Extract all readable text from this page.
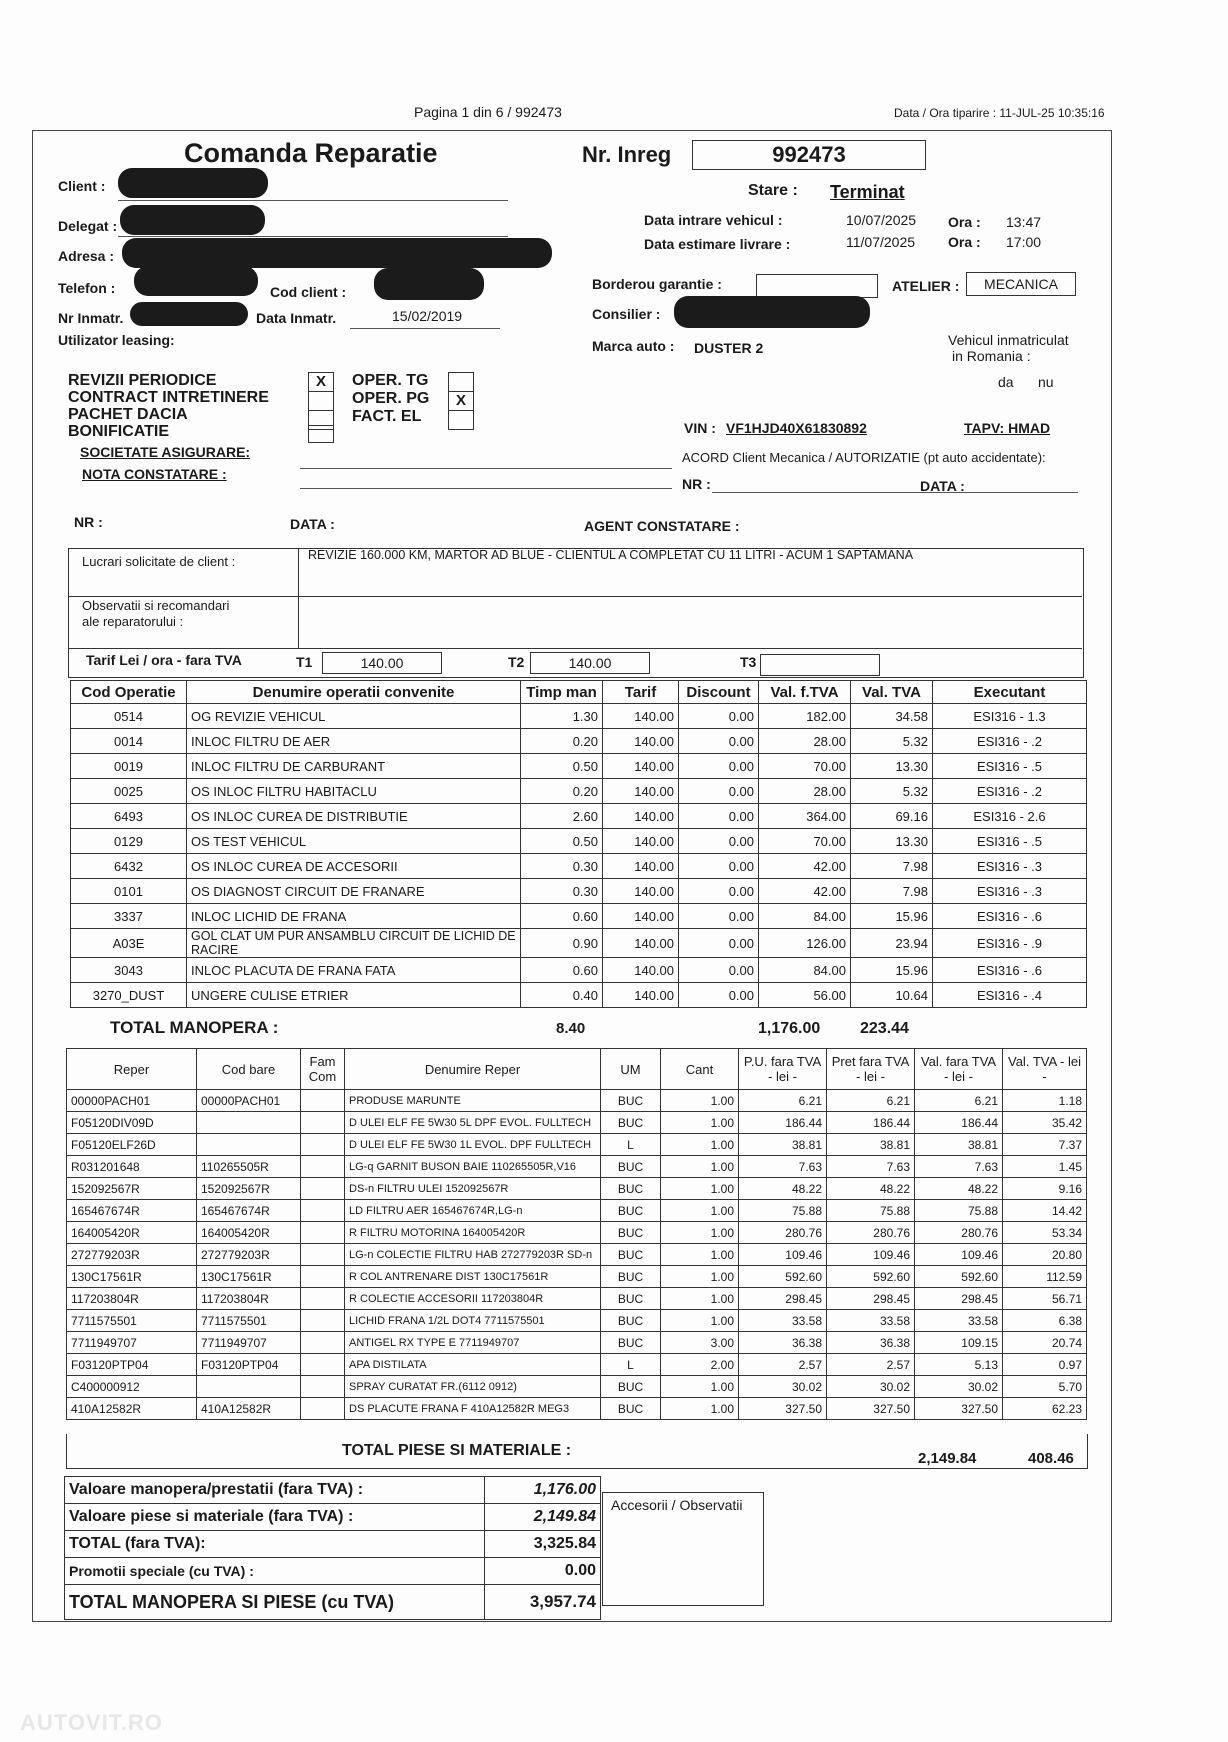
Pagina 1 din 6 / 992473	Data / Ora tiparire : 11-JUL-25 10:35:16
Comanda Reparatie	Nr. Inreg	992473
Client :
Delegat :
Adresa :
Telefon :	Cod client :
Nr Inmatr.	Data Inmatr.	15/02/2019
Utilizator leasing:
Stare : Terminat
Data intrare vehicul :	10/07/2025 Ora : 13:47
Data estimare livrare :	11/07/2025 Ora : 17:00
Borderou garantie :	ATELIER :	MECANICA
Consilier :
Marca auto : DUSTER 2	Vehicul inmatriculat
in Romania :
da nu
REVIZII PERIODICE
CONTRACT INTRETINERE
PACHET DACIA
BONIFICATIE
X	OPER. TG
OPER. PG
FACT. EL
X
VIN : VF1HJD40X61830892	TAPV: HMAD
SOCIETATE ASIGURARE:
NOTA CONSTATARE :
ACORD Client Mecanica / AUTORIZATIE (pt auto accidentate):
NR :	DATA :
NR :	DATA :	AGENT CONSTATARE :
Lucrari solicitate de client :	REVIZIE 160.000 KM, MARTOR AD BLUE - CLIENTUL A COMPLETAT CU 11 LITRI - ACUM 1 SAPTAMANA
Observatii si recomandari
ale reparatorului :
Tarif Lei / ora - fara TVA	T1	140.00	T2	140.00	T3
Cod Operatie	Denumire operatii convenite	Timp man	Tarif	Discount	Val. f.TVA	Val. TVA	Executant
0514	OG REVIZIE VEHICUL	1.30	140.00	0.00	182.00	34.58	ESI316 - 1.3
0014	INLOC FILTRU DE AER	0.20	140.00	0.00	28.00	5.32	ESI316 - .2
0019	INLOC FILTRU DE CARBURANT	0.50	140.00	0.00	70.00	13.30	ESI316 - .5
0025	OS INLOC FILTRU HABITACLU	0.20	140.00	0.00	28.00	5.32	ESI316 - .2
6493	OS INLOC CUREA DE DISTRIBUTIE	2.60	140.00	0.00	364.00	69.16	ESI316 - 2.6
0129	OS TEST VEHICUL	0.50	140.00	0.00	70.00	13.30	ESI316 - .5
6432	OS INLOC CUREA DE ACCESORII	0.30	140.00	0.00	42.00	7.98	ESI316 - .3
0101	OS DIAGNOST CIRCUIT DE FRANARE	0.30	140.00	0.00	42.00	7.98	ESI316 - .3
3337	INLOC LICHID DE FRANA	0.60	140.00	0.00	84.00	15.96	ESI316 - .6
A03E	GOL CLAT UM PUR ANSAMBLU CIRCUIT DE LICHID DE RACIRE	0.90	140.00	0.00	126.00	23.94	ESI316 - .9
3043	INLOC PLACUTA DE FRANA FATA	0.60	140.00	0.00	84.00	15.96	ESI316 - .6
3270_DUST	UNGERE CULISE ETRIER	0.40	140.00	0.00	56.00	10.64	ESI316 - .4
TOTAL MANOPERA :	8.40	1,176.00 223.44
Reper	Cod bare	Fam Com	Denumire Reper	UM	Cant	P.U. fara TVA - lei -	Pret fara TVA - lei -	Val. fara TVA - lei -	Val. TVA - lei -
00000PACH01	00000PACH01		PRODUSE MARUNTE	BUC	1.00	6.21	6.21	6.21	1.18
F05120DIV09D			D ULEI ELF FE 5W30 5L DPF EVOL. FULLTECH	BUC	1.00	186.44	186.44	186.44	35.42
F05120ELF26D			D ULEI ELF FE 5W30 1L EVOL. DPF FULLTECH	L	1.00	38.81	38.81	38.81	7.37
R031201648	110265505R		LG-q GARNIT BUSON BAIE 110265505R,V16	BUC	1.00	7.63	7.63	7.63	1.45
152092567R	152092567R		DS-n FILTRU ULEI 152092567R	BUC	1.00	48.22	48.22	48.22	9.16
165467674R	165467674R		LD FILTRU AER 165467674R,LG-n	BUC	1.00	75.88	75.88	75.88	14.42
164005420R	164005420R		R FILTRU MOTORINA 164005420R	BUC	1.00	280.76	280.76	280.76	53.34
272779203R	272779203R		LG-n COLECTIE FILTRU HAB 272779203R SD-n	BUC	1.00	109.46	109.46	109.46	20.80
130C17561R	130C17561R		R COL ANTRENARE DIST 130C17561R	BUC	1.00	592.60	592.60	592.60	112.59
117203804R	117203804R		R COLECTIE ACCESORII 117203804R	BUC	1.00	298.45	298.45	298.45	56.71
7711575501	7711575501		LICHID FRANA 1/2L DOT4 7711575501	BUC	1.00	33.58	33.58	33.58	6.38
7711949707	7711949707		ANTIGEL RX TYPE E 7711949707	BUC	3.00	36.38	36.38	109.15	20.74
F03120PTP04	F03120PTP04		APA DISTILATA	L	2.00	2.57	2.57	5.13	0.97
C400000912			SPRAY CURATAT FR.(6112 0912)	BUC	1.00	30.02	30.02	30.02	5.70
410A12582R	410A12582R		DS PLACUTE FRANA F 410A12582R MEG3	BUC	1.00	327.50	327.50	327.50	62.23
TOTAL PIESE SI MATERIALE :	2,149.84	408.46
Valoare manopera/prestatii (fara TVA) :	1,176.00
Valoare piese si materiale (fara TVA) :	2,149.84
TOTAL (fara TVA):	3,325.84
Promotii speciale (cu TVA) :	0.00
TOTAL MANOPERA SI PIESE (cu TVA)	3,957.74
Accesorii / Observatii
AUTOVIT.RO
